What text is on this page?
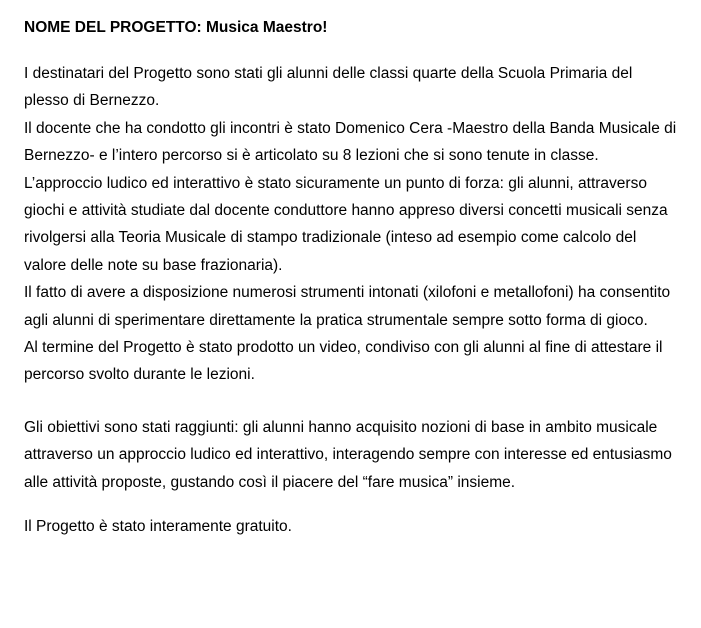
NOME DEL PROGETTO: Musica Maestro!

I destinatari del Progetto sono stati gli alunni delle classi quarte della Scuola Primaria del plesso di Bernezzo.

Il docente che ha condotto gli incontri è stato Domenico Cera -Maestro della Banda Musicale di Bernezzo- e l’intero percorso si è articolato su 8 lezioni che si sono tenute in classe.

L’approccio ludico ed interattivo è stato sicuramente un punto di forza: gli alunni, attraverso giochi e attività studiate dal docente conduttore hanno appreso diversi concetti musicali senza rivolgersi alla Teoria Musicale di stampo tradizionale (inteso ad esempio come calcolo del valore delle note su base frazionaria).

Il fatto di avere a disposizione numerosi strumenti intonati (xilofoni e metallofoni) ha consentito agli alunni di sperimentare direttamente la pratica strumentale sempre sotto forma di gioco.

Al termine del Progetto è stato prodotto un video, condiviso con gli alunni al fine di attestare il percorso svolto durante le lezioni.

Gli obiettivi sono stati raggiunti: gli alunni hanno acquisito nozioni di base in ambito musicale attraverso un approccio ludico ed interattivo, interagendo sempre con interesse ed entusiasmo alle attività proposte, gustando così il piacere del “fare musica” insieme.

Il Progetto è stato interamente gratuito.
